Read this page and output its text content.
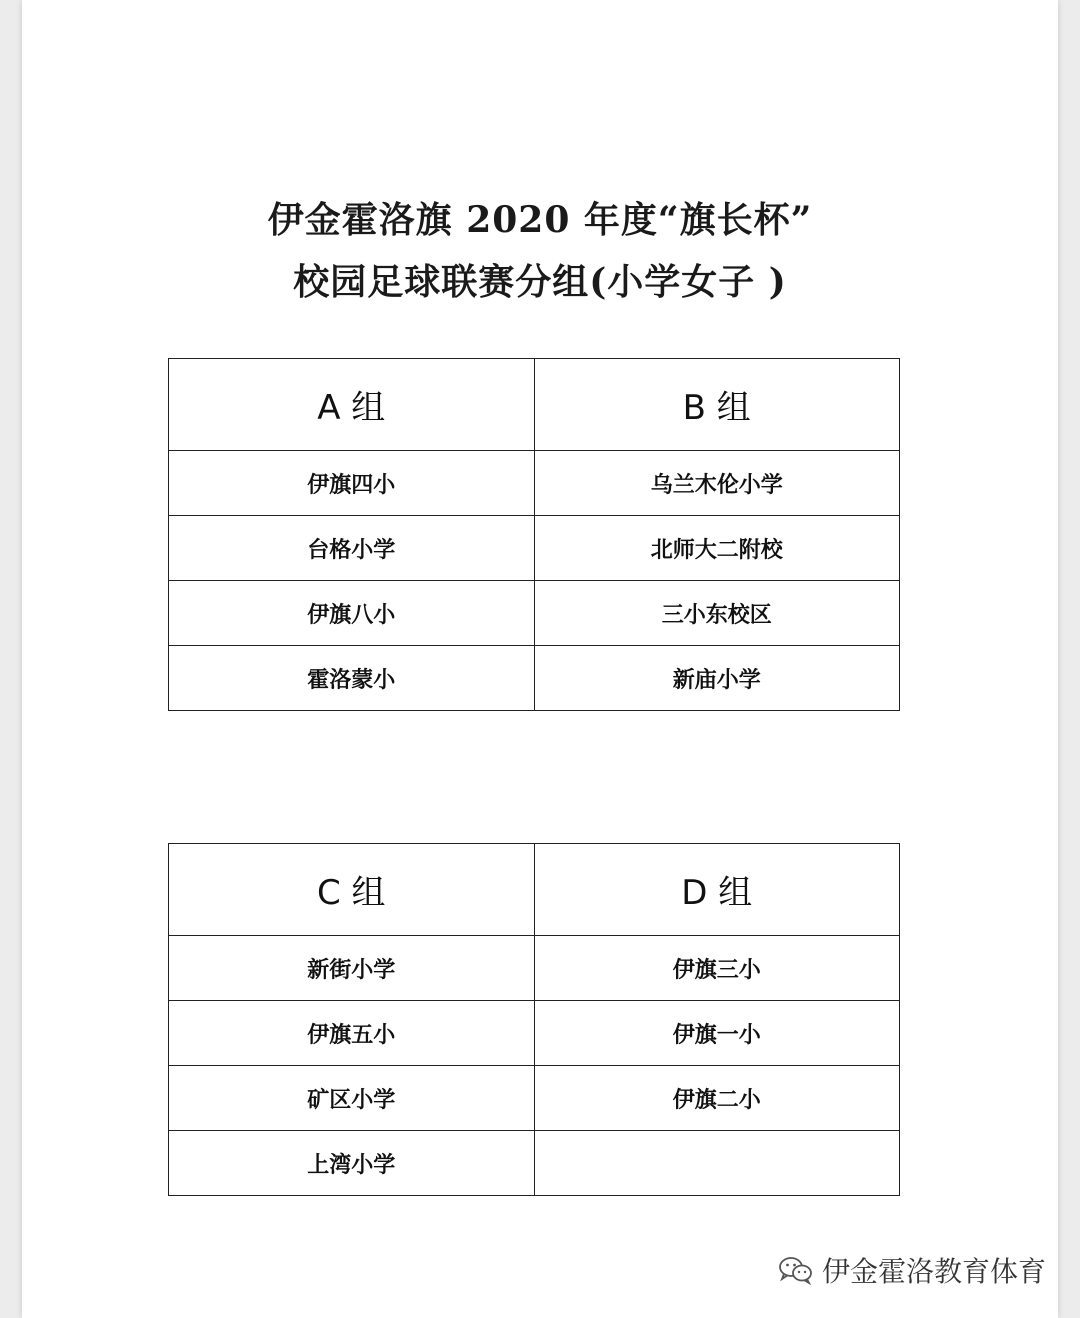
伊金霍洛旗 2020 年度“旗长杯”
校园足球联赛分组(小学女子 )
A 组	B 组
伊旗四小	乌兰木伦小学
台格小学	北师大二附校
伊旗八小	三小东校区
霍洛蒙小	新庙小学
C 组	D 组
新街小学	伊旗三小
伊旗五小	伊旗一小
矿区小学	伊旗二小
上湾小学	
伊金霍洛教育体育
